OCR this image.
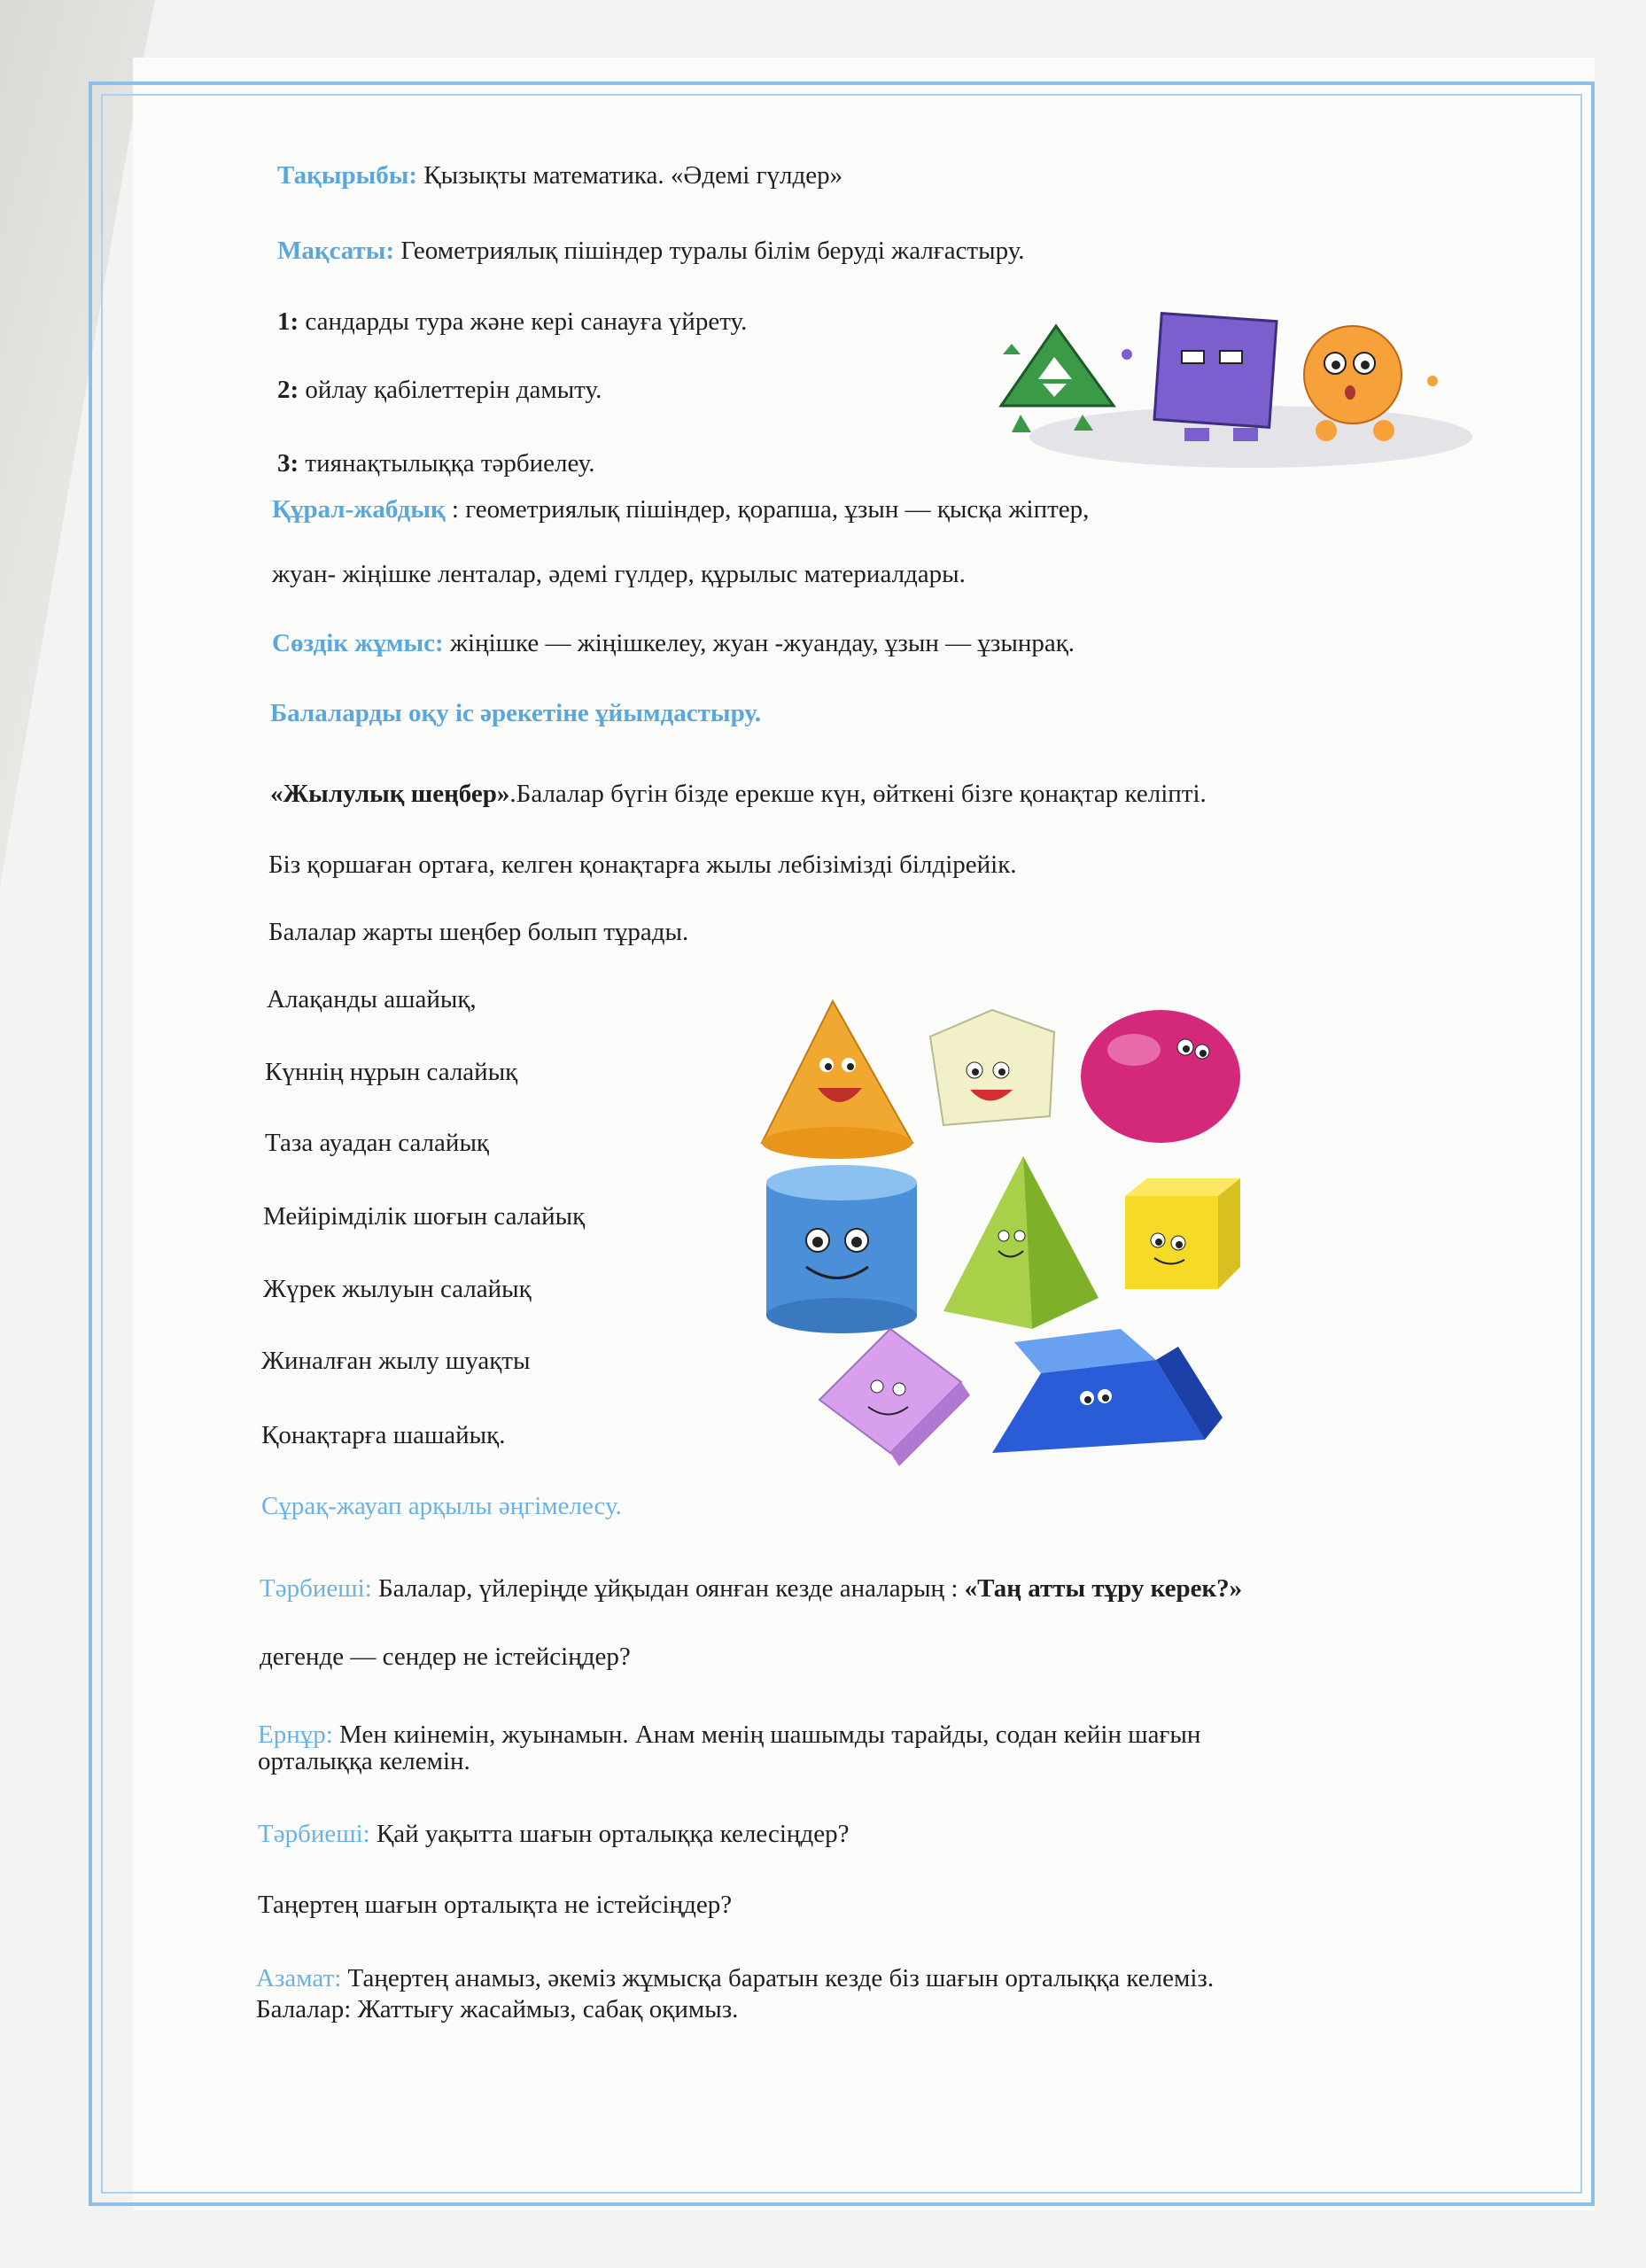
Тақырыбы: Қызықты математика. «Әдемі гүлдер»
Мақсаты: Геометриялық пішіндер туралы білім беруді жалғастыру.
1: сандарды тура және кері санауға үйрету.
2: ойлау қабілеттерін дамыту.
3: тиянақтылыққа тәрбиелеу.
Құрал-жабдық : геометриялық пішіндер, қорапша, ұзын — қысқа жіптер,
жуан- жіңішке ленталар, әдемі гүлдер, құрылыс материалдары.
Сөздік жұмыс: жіңішке — жіңішкелеу, жуан -жуандау, ұзын — ұзынрақ.
Балаларды оқу іс әрекетіне ұйымдастыру.
«Жылулық шеңбер».Балалар бүгін бізде ерекше күн, өйткені бізге қонақтар келіпті.
Біз қоршаған ортаға, келген қонақтарға жылы лебізімізді білдірейік.
Балалар жарты шеңбер болып тұрады.
Алақанды ашайық,
Күннің нұрын салайық
Таза ауадан салайық
Мейірімділік шоғын салайық
Жүрек жылуын салайық
Жиналған жылу шуақты
Қонақтарға шашайық.
Сұрақ-жауап арқылы әңгімелесу.
Тәрбиеші: Балалар, үйлеріңде ұйқыдан оянған кезде аналарың : «Таң атты тұру керек?»
дегенде — сендер не істейсіңдер?
Ернұр: Мен киінемін, жуынамын. Анам менің шашымды тарайды, содан кейін шағын
орталыққа келемін.
Тәрбиеші: Қай уақытта шағын орталыққа келесіңдер?
Таңертең шағын орталықта не істейсіңдер?
Азамат: Таңертең анамыз, әкеміз жұмысқа баратын кезде біз шағын орталыққа келеміз.
Балалар: Жаттығу жасаймыз, сабақ оқимыз.
